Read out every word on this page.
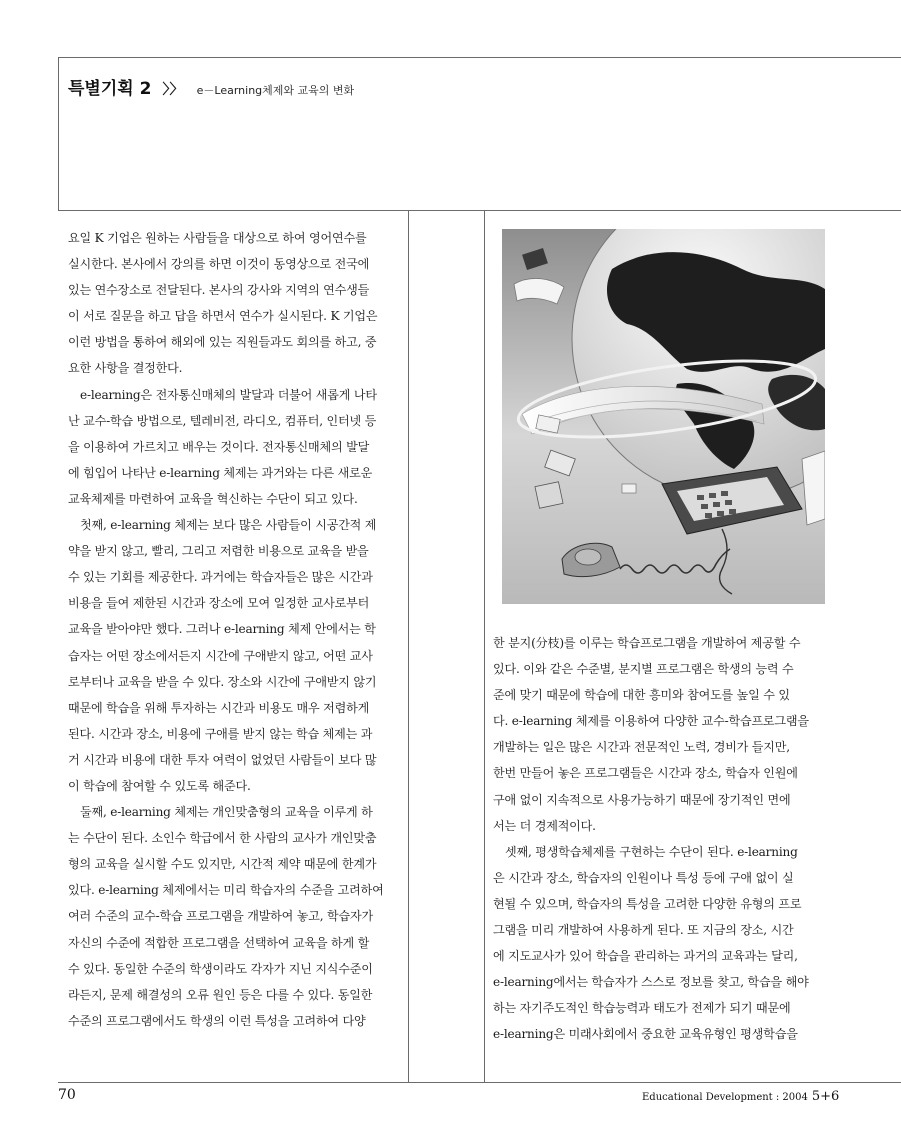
특별기획 2 〉〉 e－Learning체제와 교육의 변화

요일 K 기업은 원하는 사람들을 대상으로 하여 영어연수를

실시한다. 본사에서 강의를 하면 이것이 동영상으로 전국에

있는 연수장소로 전달된다. 본사의 강사와 지역의 연수생들

이 서로 질문을 하고 답을 하면서 연수가 실시된다. K 기업은

이런 방법을 통하여 해외에 있는 직원들과도 회의를 하고, 중

요한 사항을 결정한다.

e-learning은 전자통신매체의 발달과 더불어 새롭게 나타

난 교수-학습 방법으로, 텔레비전, 라디오, 컴퓨터, 인터넷 등

을 이용하여 가르치고 배우는 것이다. 전자통신매체의 발달

에 힘입어 나타난 e-learning 체제는 과거와는 다른 새로운

교육체제를 마련하여 교육을 혁신하는 수단이 되고 있다.

첫째, e-learning 체제는 보다 많은 사람들이 시공간적 제

약을 받지 않고, 빨리, 그리고 저렴한 비용으로 교육을 받을

수 있는 기회를 제공한다. 과거에는 학습자들은 많은 시간과

비용을 들여 제한된 시간과 장소에 모여 일정한 교사로부터

교육을 받아야만 했다. 그러나 e-learning 체제 안에서는 학

습자는 어떤 장소에서든지 시간에 구애받지 않고, 어떤 교사

로부터나 교육을 받을 수 있다. 장소와 시간에 구애받지 않기

때문에 학습을 위해 투자하는 시간과 비용도 매우 저렴하게

된다. 시간과 장소, 비용에 구애를 받지 않는 학습 체제는 과

거 시간과 비용에 대한 투자 여력이 없었던 사람들이 보다 많

이 학습에 참여할 수 있도록 해준다.

둘째, e-learning 체제는 개인맞춤형의 교육을 이루게 하

는 수단이 된다. 소인수 학급에서 한 사람의 교사가 개인맞춤

형의 교육을 실시할 수도 있지만, 시간적 제약 때문에 한계가

있다. e-learning 체제에서는 미리 학습자의 수준을 고려하여

여러 수준의 교수-학습 프로그램을 개발하여 놓고, 학습자가

자신의 수준에 적합한 프로그램을 선택하여 교육을 하게 할

수 있다. 동일한 수준의 학생이라도 각자가 지닌 지식수준이

라든지, 문제 해결성의 오류 원인 등은 다를 수 있다. 동일한

수준의 프로그램에서도 학생의 이런 특성을 고려하여 다양

한 분지(分枝)를 이루는 학습프로그램을 개발하여 제공할 수

있다. 이와 같은 수준별, 분지별 프로그램은 학생의 능력 수

준에 맞기 때문에 학습에 대한 흥미와 참여도를 높일 수 있

다. e-learning 체제를 이용하여 다양한 교수-학습프로그램을

개발하는 일은 많은 시간과 전문적인 노력, 경비가 들지만,

한번 만들어 놓은 프로그램들은 시간과 장소, 학습자 인원에

구애 없이 지속적으로 사용가능하기 때문에 장기적인 면에

서는 더 경제적이다.

셋째, 평생학습체제를 구현하는 수단이 된다. e-learning

은 시간과 장소, 학습자의 인원이나 특성 등에 구애 없이 실

현될 수 있으며, 학습자의 특성을 고려한 다양한 유형의 프로

그램을 미리 개발하여 사용하게 된다. 또 지금의 장소, 시간

에 지도교사가 있어 학습을 관리하는 과거의 교육과는 달리,

e-learning에서는 학습자가 스스로 정보를 찾고, 학습을 해야

하는 자기주도적인 학습능력과 태도가 전제가 되기 때문에

e-learning은 미래사회에서 중요한 교육유형인 평생학습을

70	Educational Development : 2004 5+6
